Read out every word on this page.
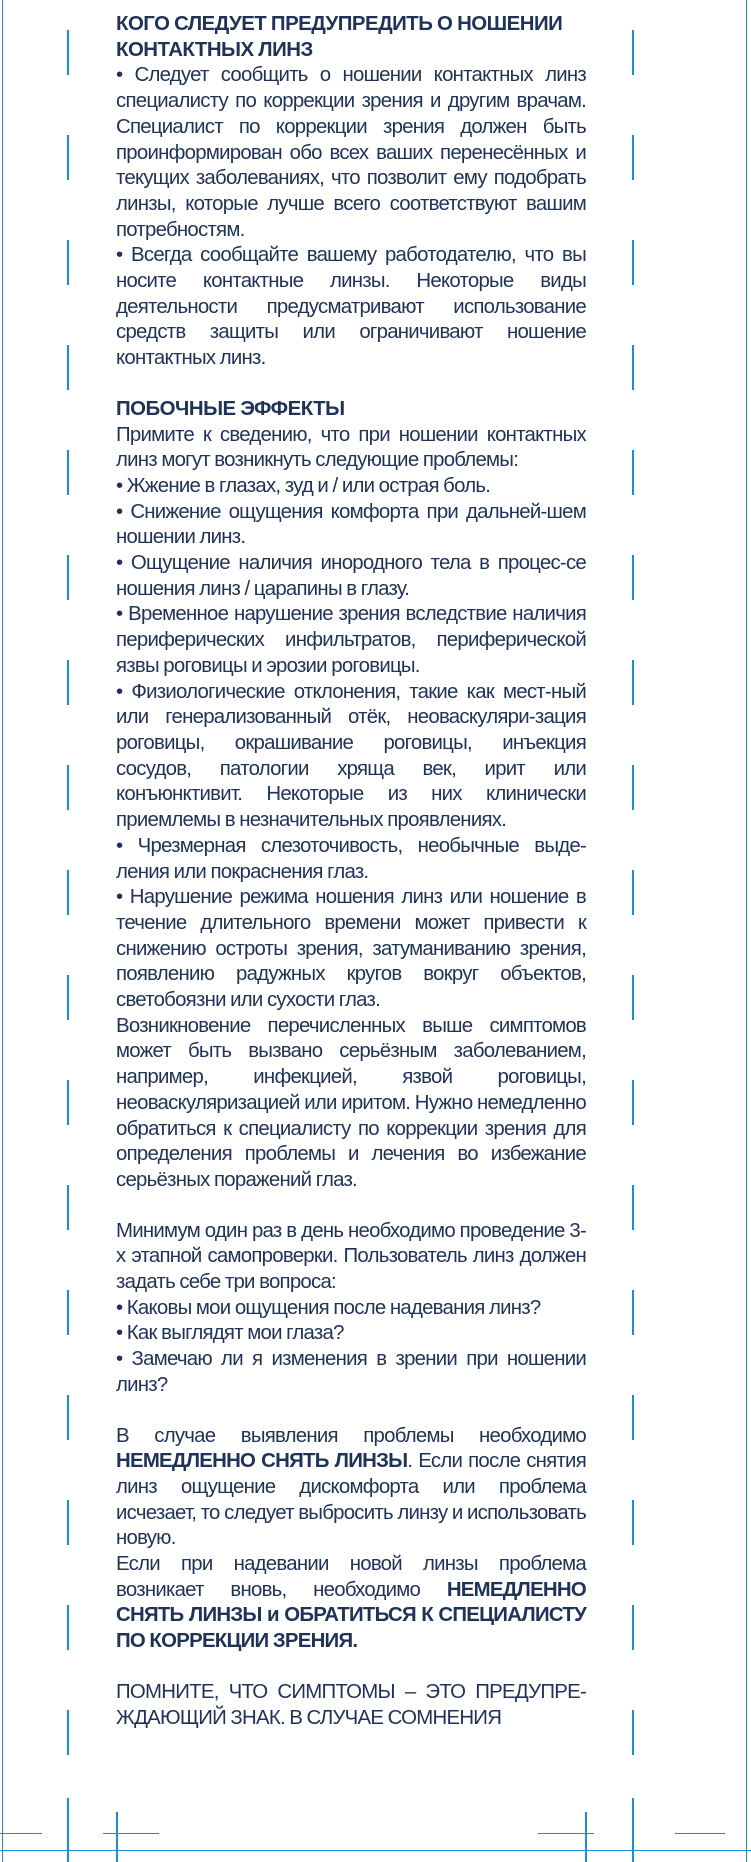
КОГО СЛЕДУЕТ ПРЕДУПРЕДИТЬ О НОШЕНИИ КОНТАКТНЫХ ЛИНЗ

• Следует сообщить о ношении контактных линз специалисту по коррекции зрения и другим врачам. Специалист по коррекции зрения должен быть проинформирован обо всех ваших перенесённых и текущих заболеваниях, что позволит ему подобрать линзы, которые лучше всего соответствуют вашим потребностям.

• Всегда сообщайте вашему работодателю, что вы носите контактные линзы. Некоторые виды деятельности предусматривают использование средств защиты или ограничивают ношение контактных линз.

ПОБОЧНЫЕ ЭФФЕКТЫ

Примите к сведению, что при ношении контактных линз могут возникнуть следующие проблемы:

• Жжение в глазах, зуд и / или острая боль.

• Снижение ощущения комфорта при дальней-шем ношении линз.

• Ощущение наличия инородного тела в процес-се ношения линз / царапины в глазу.

• Временное нарушение зрения вследствие наличия периферических инфильтратов, периферической язвы роговицы и эрозии роговицы.

• Физиологические отклонения, такие как мест-ный или генерализованный отёк, неоваскуляри-зация роговицы, окрашивание роговицы, инъекция сосудов, патологии хряща век, ирит или конъюнктивит. Некоторые из них клинически приемлемы в незначительных проявлениях.

• Чрезмерная слезоточивость, необычные выде-ления или покраснения глаз.

• Нарушение режима ношения линз или ношение в течение длительного времени может привести к снижению остроты зрения, затуманиванию зрения, появлению радужных кругов вокруг объектов, светобоязни или сухости глаз.

Возникновение перечисленных выше симптомов может быть вызвано серьёзным заболеванием, например, инфекцией, язвой роговицы, неоваскуляризацией или иритом. Нужно немедленно обратиться к специалисту по коррекции зрения для определения проблемы и лечения во избежание серьёзных поражений глаз.

Минимум один раз в день необходимо проведение 3-х этапной самопроверки. Пользователь линз должен задать себе три вопроса:

• Каковы мои ощущения после надевания линз?

• Как выглядят мои глаза?

• Замечаю ли я изменения в зрении при ношении линз?

В случае выявления проблемы необходимо НЕМЕДЛЕННО СНЯТЬ ЛИНЗЫ. Если после снятия линз ощущение дискомфорта или проблема исчезает, то следует выбросить линзу и использовать новую.

Если при надевании новой линзы проблема возникает вновь, необходимо НЕМЕДЛЕННО СНЯТЬ ЛИНЗЫ и ОБРАТИТЬСЯ К СПЕЦИАЛИСТУ ПО КОРРЕКЦИИ ЗРЕНИЯ.

ПОМНИТЕ, ЧТО СИМПТОМЫ – ЭТО ПРЕДУПРЕ-ЖДАЮЩИЙ ЗНАК. В СЛУЧАЕ СОМНЕНИЯ
